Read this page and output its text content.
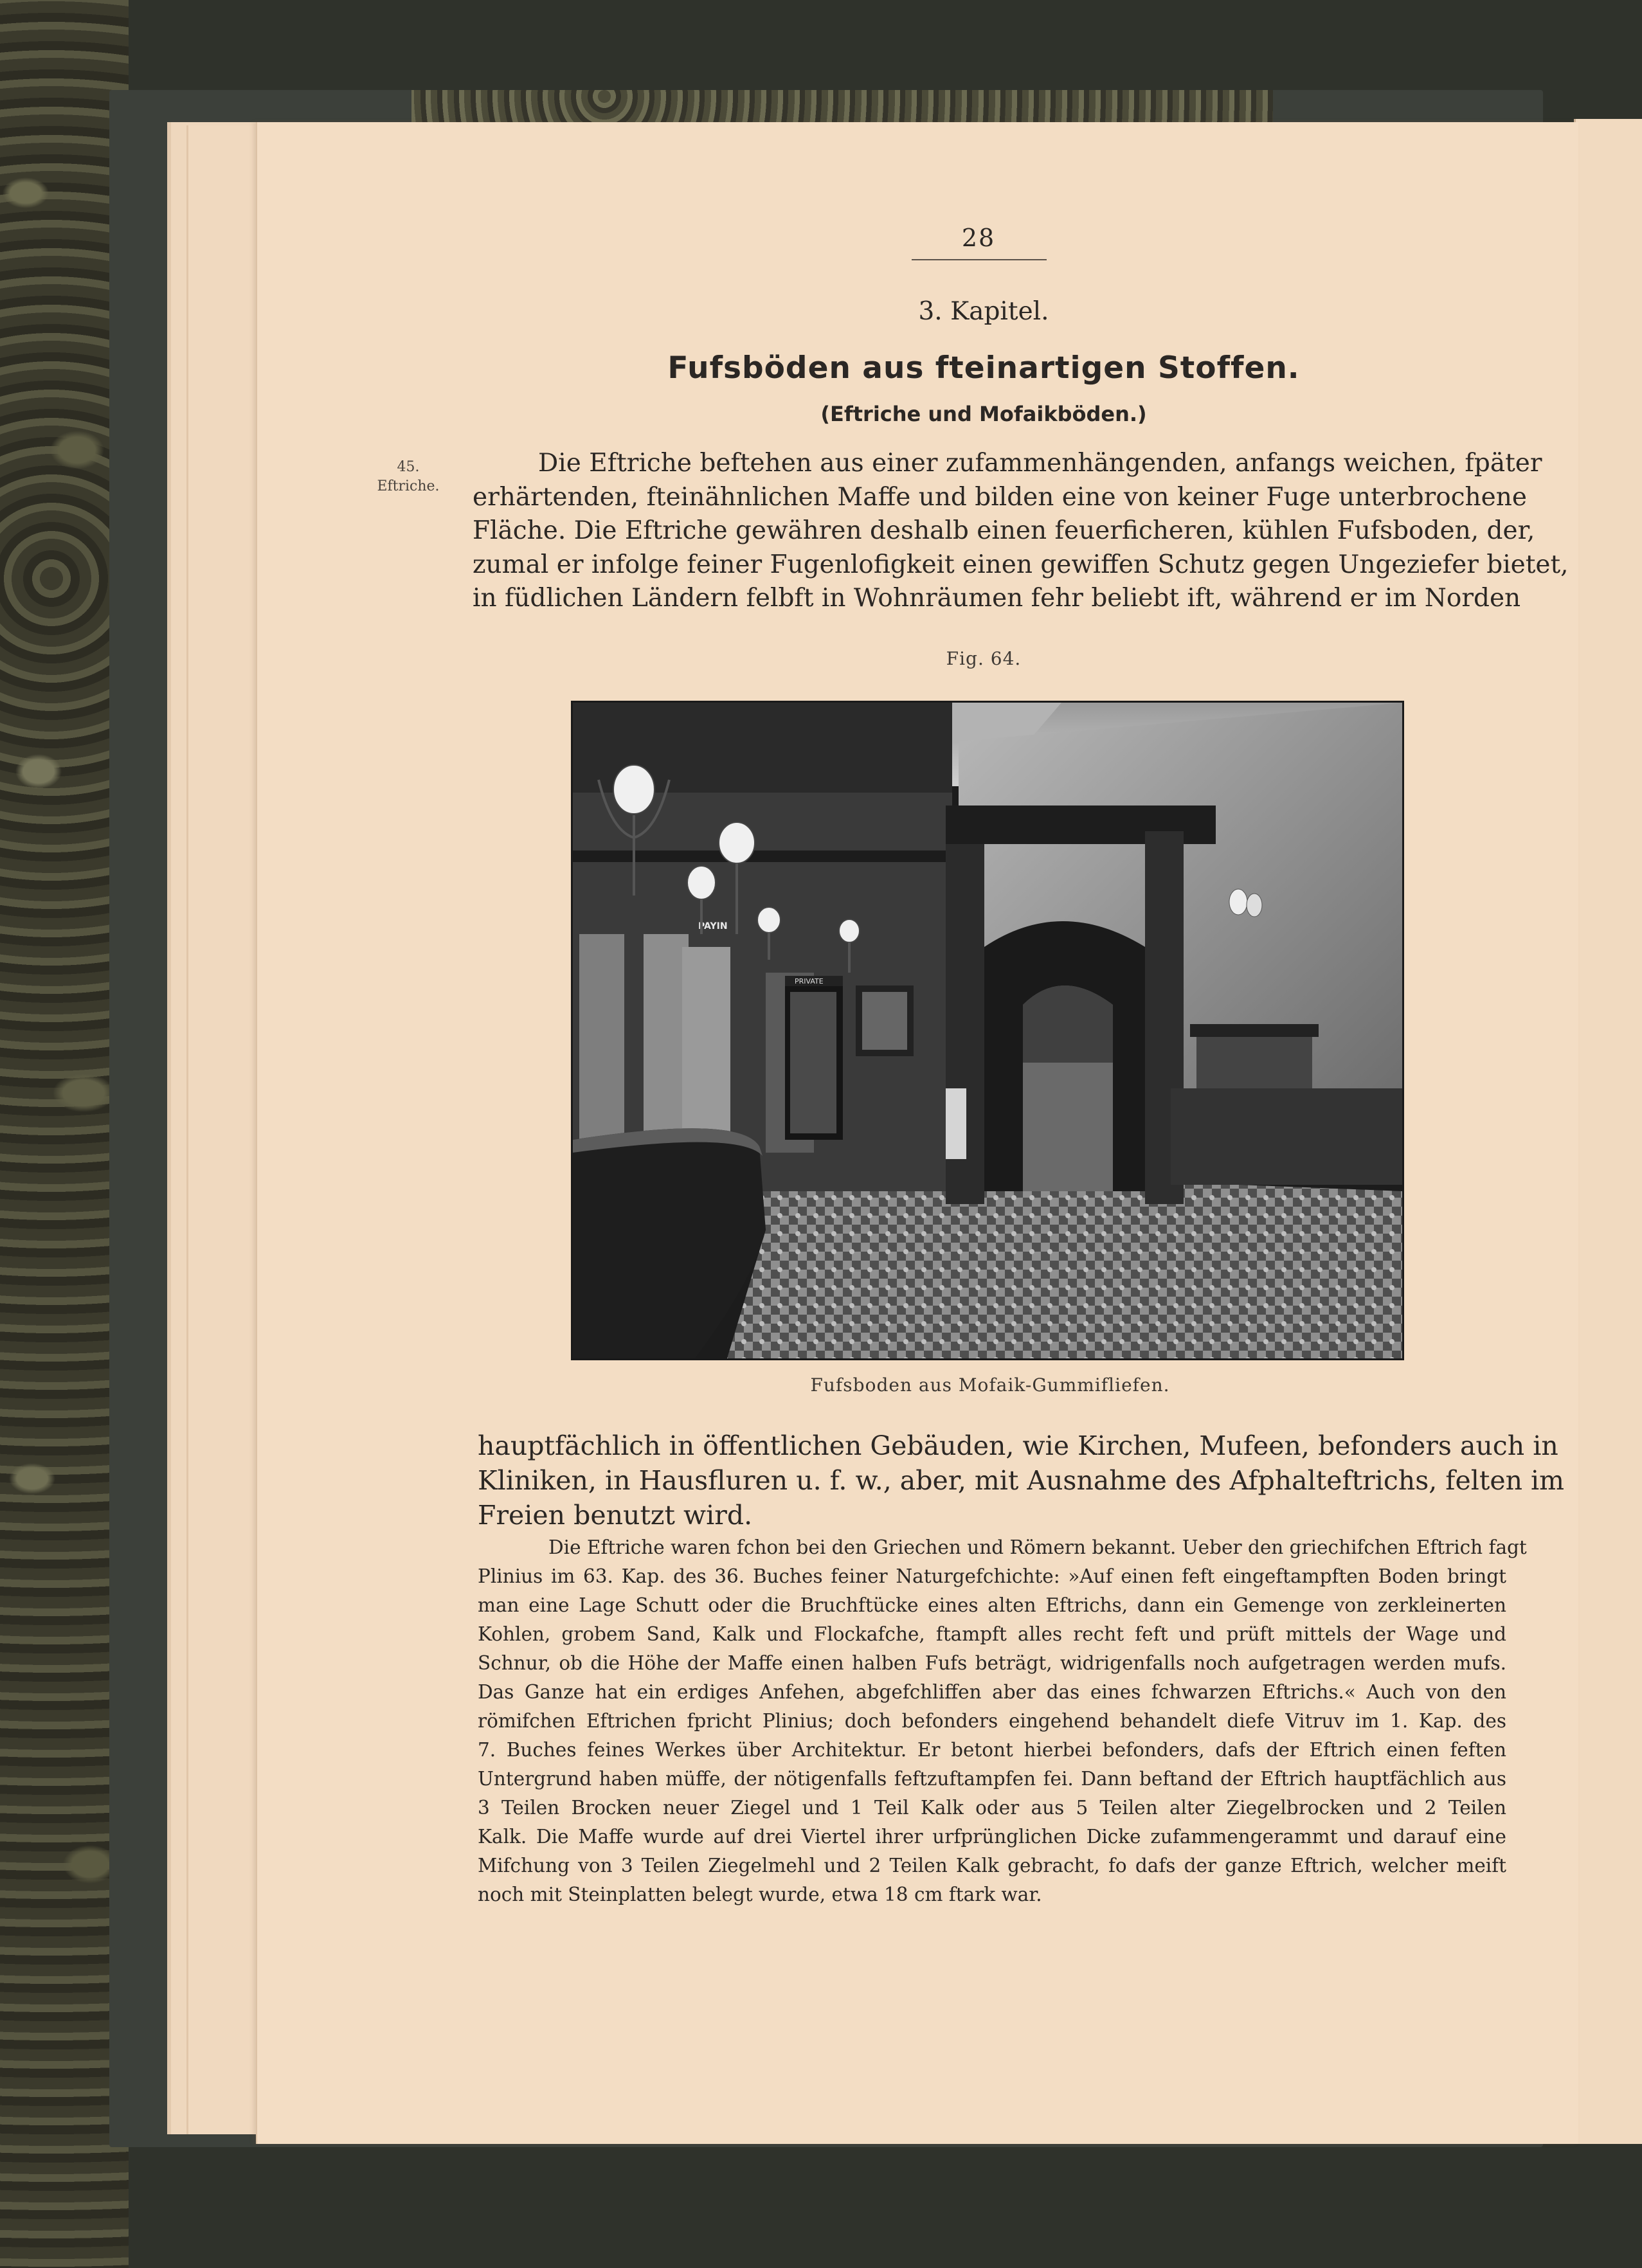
28
3. Kapitel.
Fufsböden aus fteinartigen Stoffen.
(Eftriche und Mofaikböden.)
45.
Eftriche.
Die Eftriche beftehen aus einer zufammenhängenden, anfangs weichen, fpäter
erhärtenden, fteinähnlichen Maffe und bilden eine von keiner Fuge unterbrochene
Fläche. Die Eftriche gewähren deshalb einen feuerficheren, kühlen Fufsboden, der,
zumal er infolge feiner Fugenlofigkeit einen gewiffen Schutz gegen Ungeziefer bietet,
in füdlichen Ländern felbft in Wohnräumen fehr beliebt ift, während er im Norden
Fig. 64.
PRIVATE
PAYIN
Fufsboden aus Mofaik-Gummifliefen.
hauptfächlich in öffentlichen Gebäuden, wie Kirchen, Mufeen, befonders auch in
Kliniken, in Hausfluren u. f. w., aber, mit Ausnahme des Afphalteftrichs, felten im
Freien benutzt wird.
Die Eftriche waren fchon bei den Griechen und Römern bekannt. Ueber den griechifchen Eftrich fagt
Plinius im 63. Kap. des 36. Buches feiner Naturgefchichte: »Auf einen feft eingeftampften Boden bringt
man eine Lage Schutt oder die Bruchftücke eines alten Eftrichs, dann ein Gemenge von zerkleinerten
Kohlen, grobem Sand, Kalk und Flockafche, ftampft alles recht feft und prüft mittels der Wage und
Schnur, ob die Höhe der Maffe einen halben Fufs beträgt, widrigenfalls noch aufgetragen werden mufs.
Das Ganze hat ein erdiges Anfehen, abgefchliffen aber das eines fchwarzen Eftrichs.« Auch von den
römifchen Eftrichen fpricht Plinius; doch befonders eingehend behandelt diefe Vitruv im 1. Kap. des
7. Buches feines Werkes über Architektur. Er betont hierbei befonders, dafs der Eftrich einen feften
Untergrund haben müffe, der nötigenfalls feftzuftampfen fei. Dann beftand der Eftrich hauptfächlich aus
3 Teilen Brocken neuer Ziegel und 1 Teil Kalk oder aus 5 Teilen alter Ziegelbrocken und 2 Teilen
Kalk. Die Maffe wurde auf drei Viertel ihrer urfprünglichen Dicke zufammengerammt und darauf eine
Mifchung von 3 Teilen Ziegelmehl und 2 Teilen Kalk gebracht, fo dafs der ganze Eftrich, welcher meift
noch mit Steinplatten belegt wurde, etwa 18 cm ftark war.
